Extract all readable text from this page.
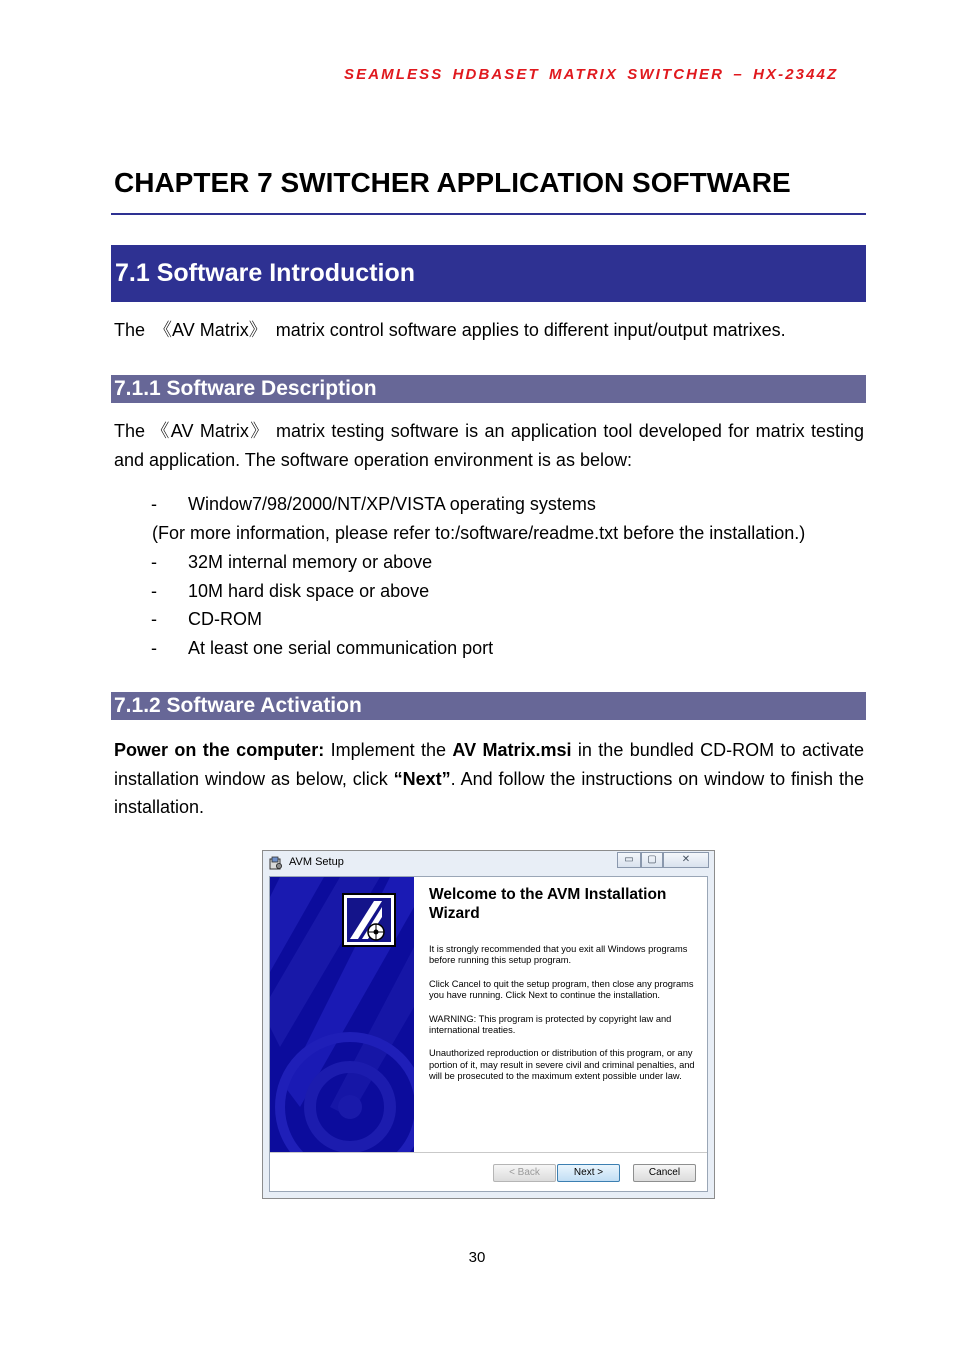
SEAMLESS HDBASET MATRIX SWITCHER – HX-2344Z
CHAPTER 7 SWITCHER APPLICATION SOFTWARE
7.1 Software Introduction
The 《AV Matrix》 matrix control software applies to different input/output matrixes.
7.1.1 Software Description
The 《AV Matrix》 matrix testing software is an application tool developed for matrix testing and application. The software operation environment is as below:
- Window7/98/2000/NT/XP/VISTA operating systems
(For more information, please refer to:/software/readme.txt before the installation.)
- 32M internal memory or above
- 10M hard disk space or above
- CD-ROM
- At least one serial communication port
7.1.2 Software Activation
Power on the computer: Implement the AV Matrix.msi in the bundled CD-ROM to activate installation window as below, click “Next”. And follow the instructions on window to finish the installation.
AVM Setup	▭	▢	✕
Welcome to the AVM Installation Wizard
It is strongly recommended that you exit all Windows programs before running this setup program.
Click Cancel to quit the setup program, then close any programs you have running. Click Next to continue the installation.
WARNING: This program is protected by copyright law and international treaties.
Unauthorized reproduction or distribution of this program, or any portion of it, may result in severe civil and criminal penalties, and will be prosecuted to the maximum extent possible under law.
< Back	Next >	Cancel
30
